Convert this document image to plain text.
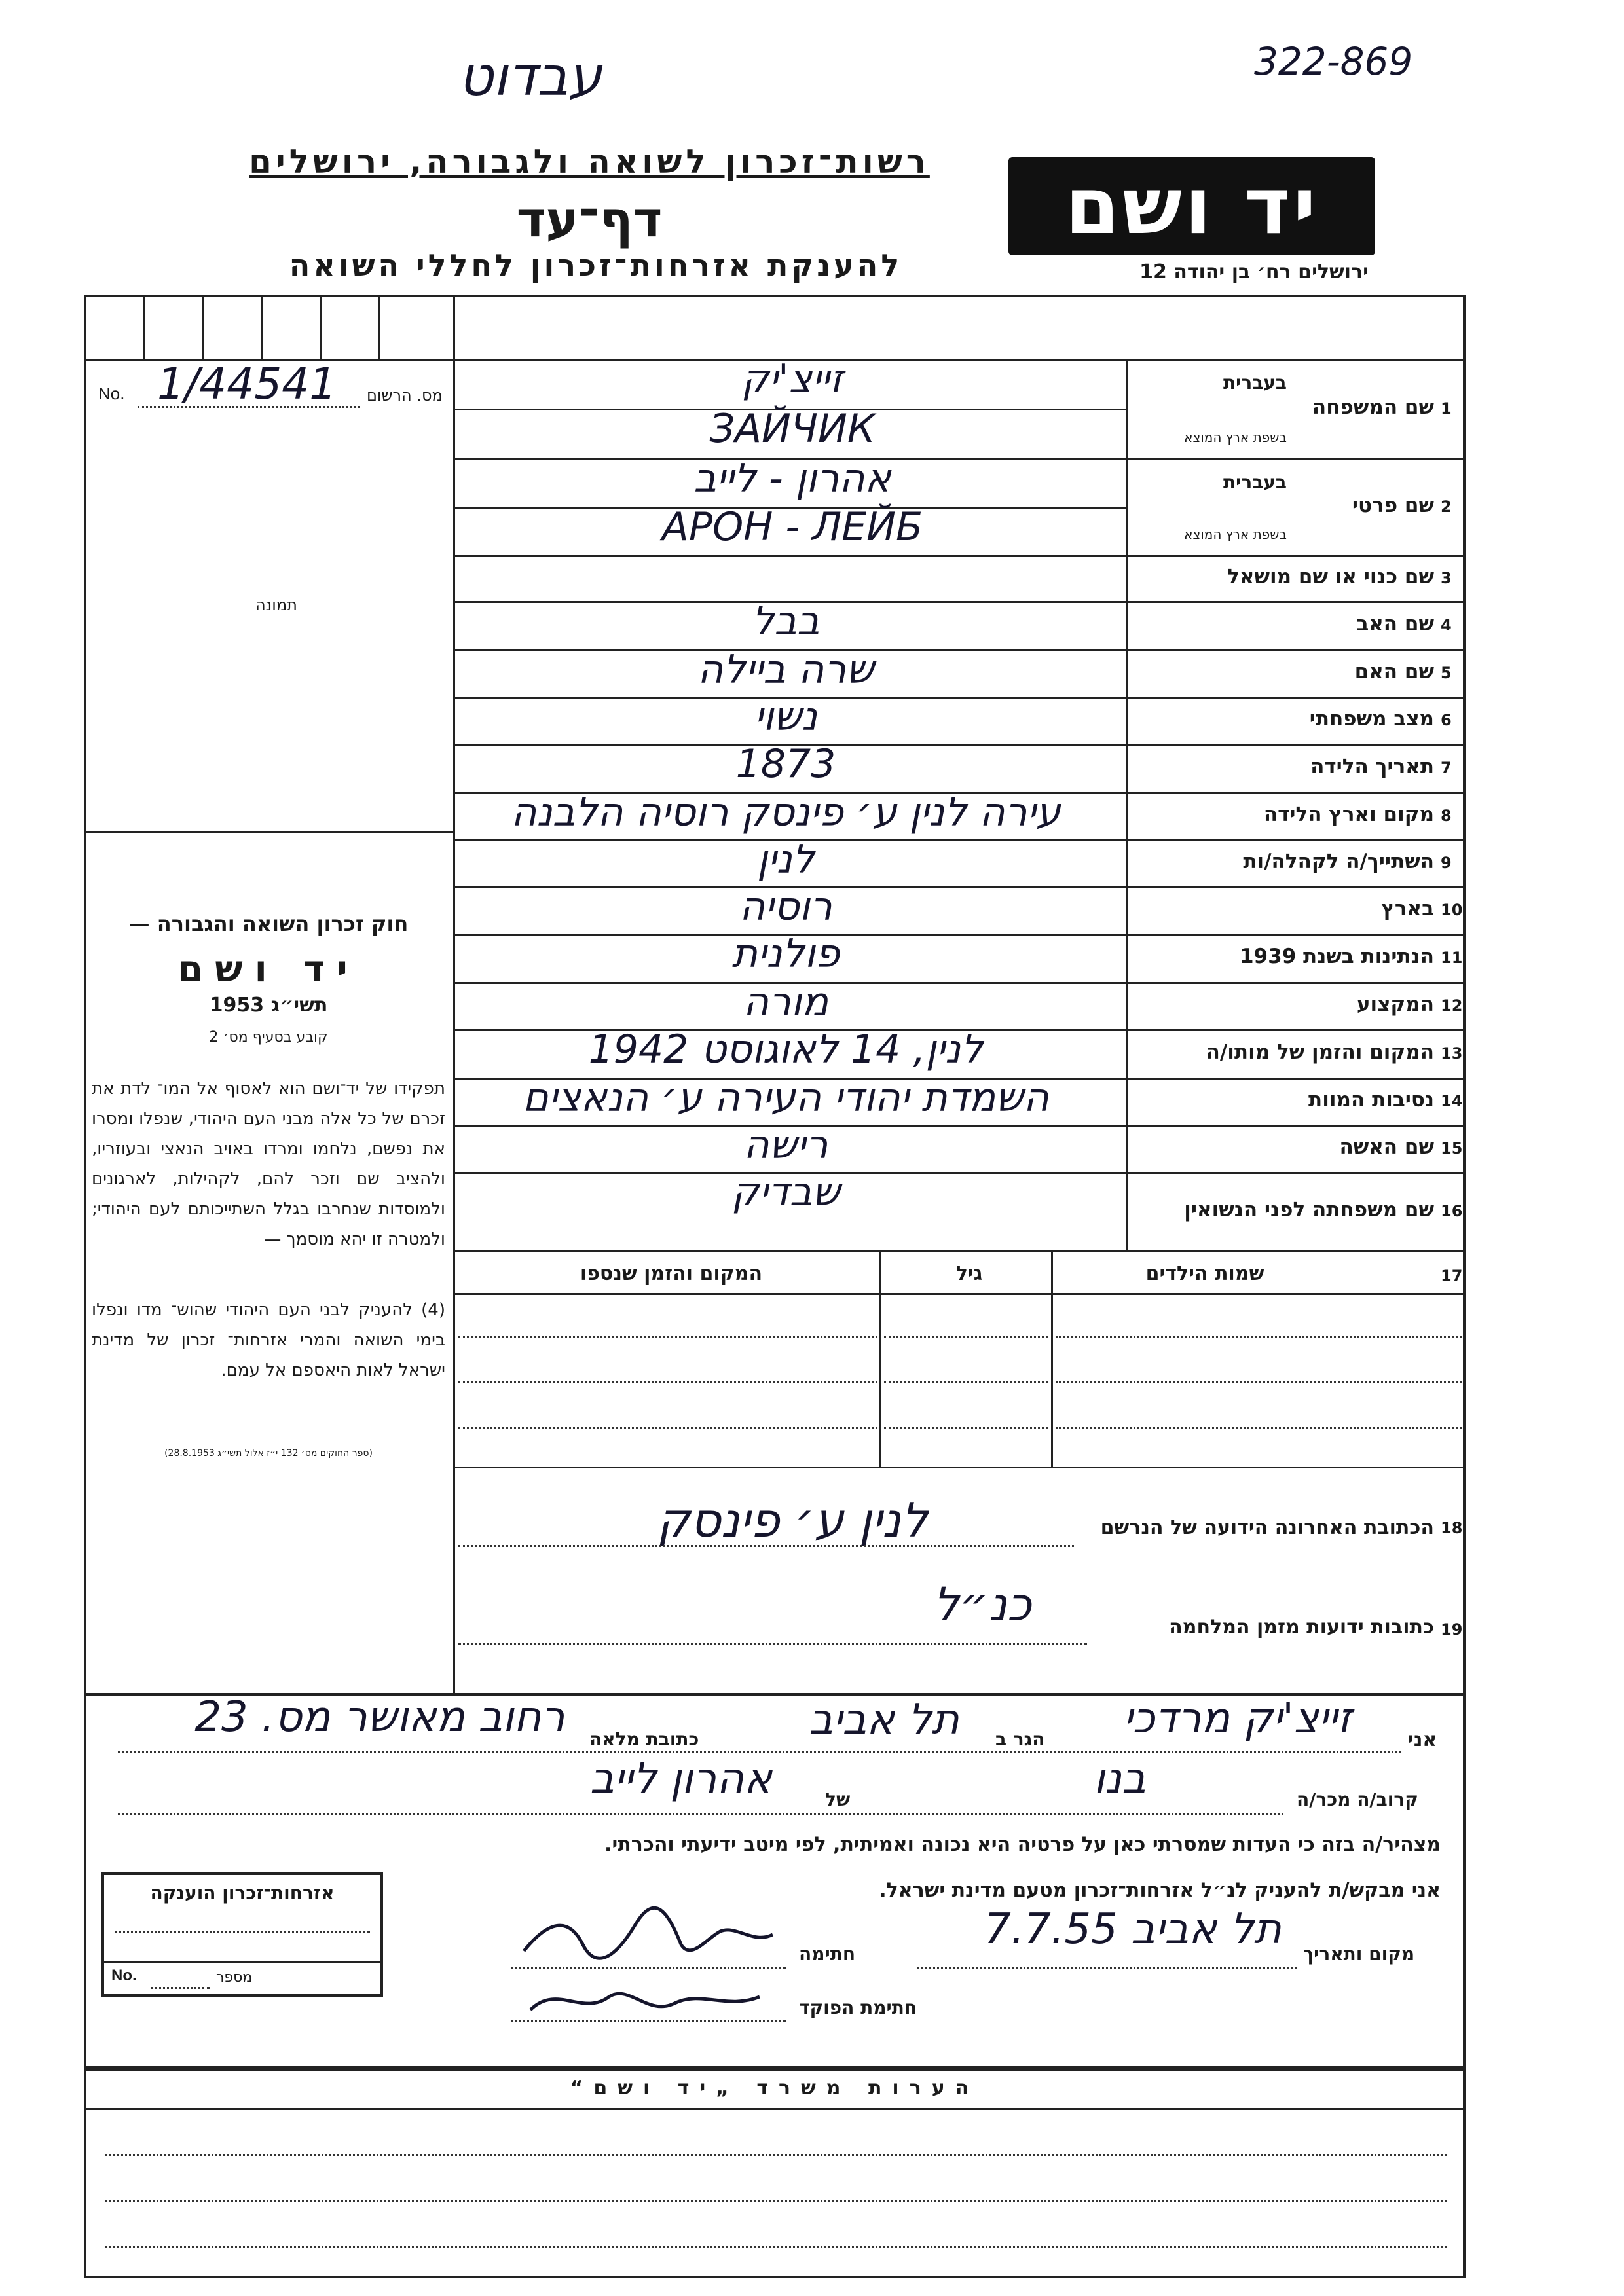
עבדוט	322-869
רשות־זכרון לשואה ולגבורה, ירושלים
דף־עד
להענקת אזרחות־זכרון לחללי השואה
יד ושם
ירושלים רח׳ בן יהודה 12
מס. הרשום
No. 1/44541
תמונה
חוק זכרון השואה והגבורה —
יד ושם
תשי״ג 1953
קובע בסעיף מס׳ 2
תפקידו של יד־ושם הוא לאסוף אל המו־ לדת את זכרם של כל אלה מבני העם היהודי, שנפלו ומסרו את נפשם, נלחמו ומרדו באויב הנאצי ובעוזריו, ולהציב שם וזכר להם, לקהילות, לארגונים ולמוסדות שנחרבו בגלל השתייכותם לעם היהודי; ולמטרה זו יהא מוסמך —
(4) להעניק לבני העם היהודי שהוש־ מדו ונפלו בימי השואה והמרי אזרחות־ זכרון של מדינת ישראל לאות היאספם אל עמם.
(ספר החוקים מס׳ 132 י״ז אלול תשי״ג 28.8.1953)
1
שם המשפחה
בעברית
בשפת ארץ המוצא
זייצ'יק
ЗАЙЧИК
2
שם פרטי
בעברית
בשפת ארץ המוצא
אהרון - לייב
АРОН - ЛЕЙБ
3
שם כנוי או שם מושאל
4
שם האב
בבל
5
שם האם
שרה ביילה
6
מצב משפחתי
נשוי
7
תאריך הלידה
1873
8
מקום וארץ הלידה
עירה לנין ע׳ פינסק רוסיה הלבנה
9
השתייך/ה לקהלה/ות
לנין
10
בארץ
רוסיה
11
הנתינות בשנת 1939
פולנית
12
המקצוע
מורה
13
המקום והזמן של מותו/ה
לנין, 14 לאוגוסט 1942
14
נסיבות המוות
השמדת יהודי העירה ע׳ הנאצים
15
שם האשה
רישה
16
שם משפחתה לפני הנשואין
שבדיק
17
שמות הילדים
גיל
המקום והזמן שנספו
18
הכתובת האחרונה הידועה של הנרשם
לנין ע׳ פינסק
19
כתובות ידועות מזמן המלחמה
כנ״ל
אני
זייצ'יק מרדכי
הגר ב
תל אביב
כתובת מלאה
רחוב מאושר מס. 23
קרוב/ה מכר/ה
בנו
של
אהרון לייב
מצהיר/ה בזה כי העדות שמסרתי כאן על פרטיה היא נכונה ואמיתית, לפי מיטב ידיעתי והכרתי.
אני מבקש/ת להעניק לנ״ל אזרחות־זכרון מטעם מדינת ישראל.
מקום ותאריך
תל אביב 7.7.55
חתימה
חתימת הפוקד
אזרחות־זכרון הוענקה
מספר
No.
הערות משרד „יד ושם“
